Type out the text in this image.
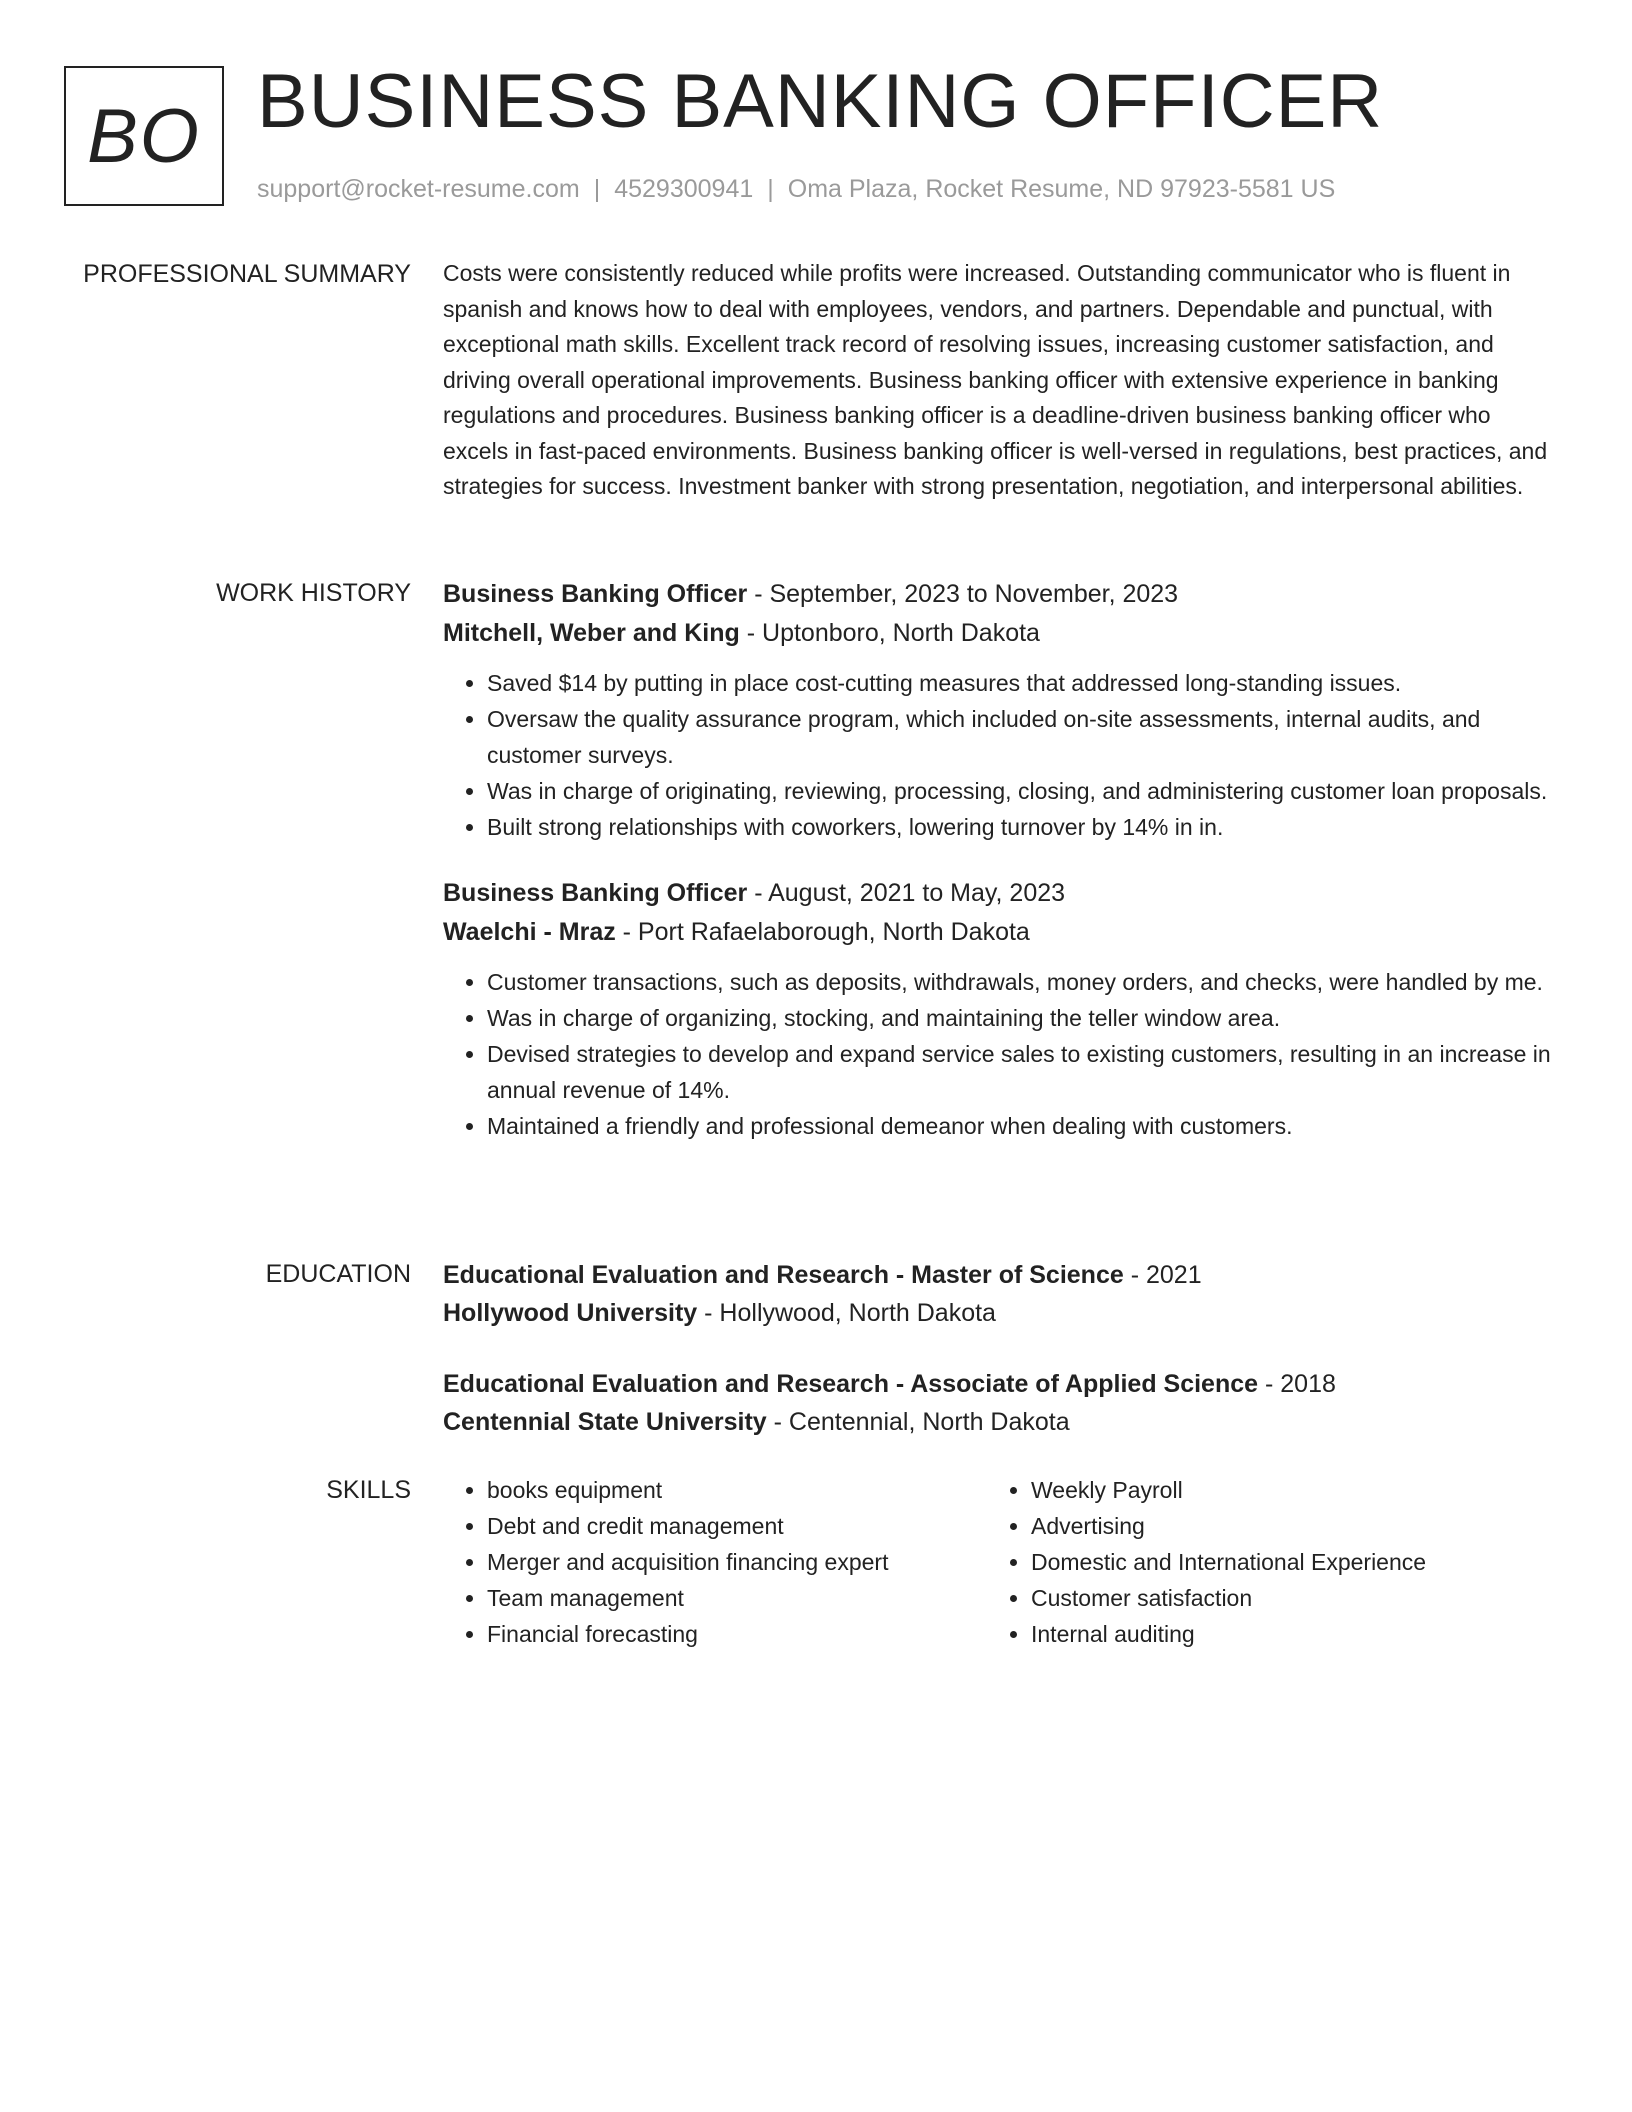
BO BUSINESS BANKING OFFICER
support@rocket-resume.com | 4529300941 | Oma Plaza, Rocket Resume, ND 97923-5581 US
PROFESSIONAL SUMMARY Costs were consistently reduced while profits were increased. Outstanding communicator who is fluent in spanish and knows how to deal with employees, vendors, and partners. Dependable and punctual, with exceptional math skills. Excellent track record of resolving issues, increasing customer satisfaction, and driving overall operational improvements. Business banking officer with extensive experience in banking regulations and procedures. Business banking officer is a deadline-driven business banking officer who excels in fast-paced environments. Business banking officer is well-versed in regulations, best practices, and strategies for success. Investment banker with strong presentation, negotiation, and interpersonal abilities.

WORK HISTORY Business Banking Officer - September, 2023 to November, 2023
Mitchell, Weber and King - Uptonboro, North Dakota
• Saved $14 by putting in place cost-cutting measures that addressed long-standing issues.
• Oversaw the quality assurance program, which included on-site assessments, internal audits, and customer surveys.
• Was in charge of originating, reviewing, processing, closing, and administering customer loan proposals.
• Built strong relationships with coworkers, lowering turnover by 14% in in.
Business Banking Officer - August, 2021 to May, 2023
Waelchi - Mraz - Port Rafaelaborough, North Dakota
• Customer transactions, such as deposits, withdrawals, money orders, and checks, were handled by me.
• Was in charge of organizing, stocking, and maintaining the teller window area.
• Devised strategies to develop and expand service sales to existing customers, resulting in an increase in annual revenue of 14%.
• Maintained a friendly and professional demeanor when dealing with customers.
EDUCATION Educational Evaluation and Research - Master of Science - 2021
Hollywood University - Hollywood, North Dakota
Educational Evaluation and Research - Associate of Applied Science - 2018
Centennial State University - Centennial, North Dakota
SKILLS
•	books equipment
• Debt and credit management
• Merger and acquisition financing expert
• Team management
• Financial forecasting
• Weekly Payroll
• Advertising
• Domestic and International Experience
• Customer satisfaction
• Internal auditing
